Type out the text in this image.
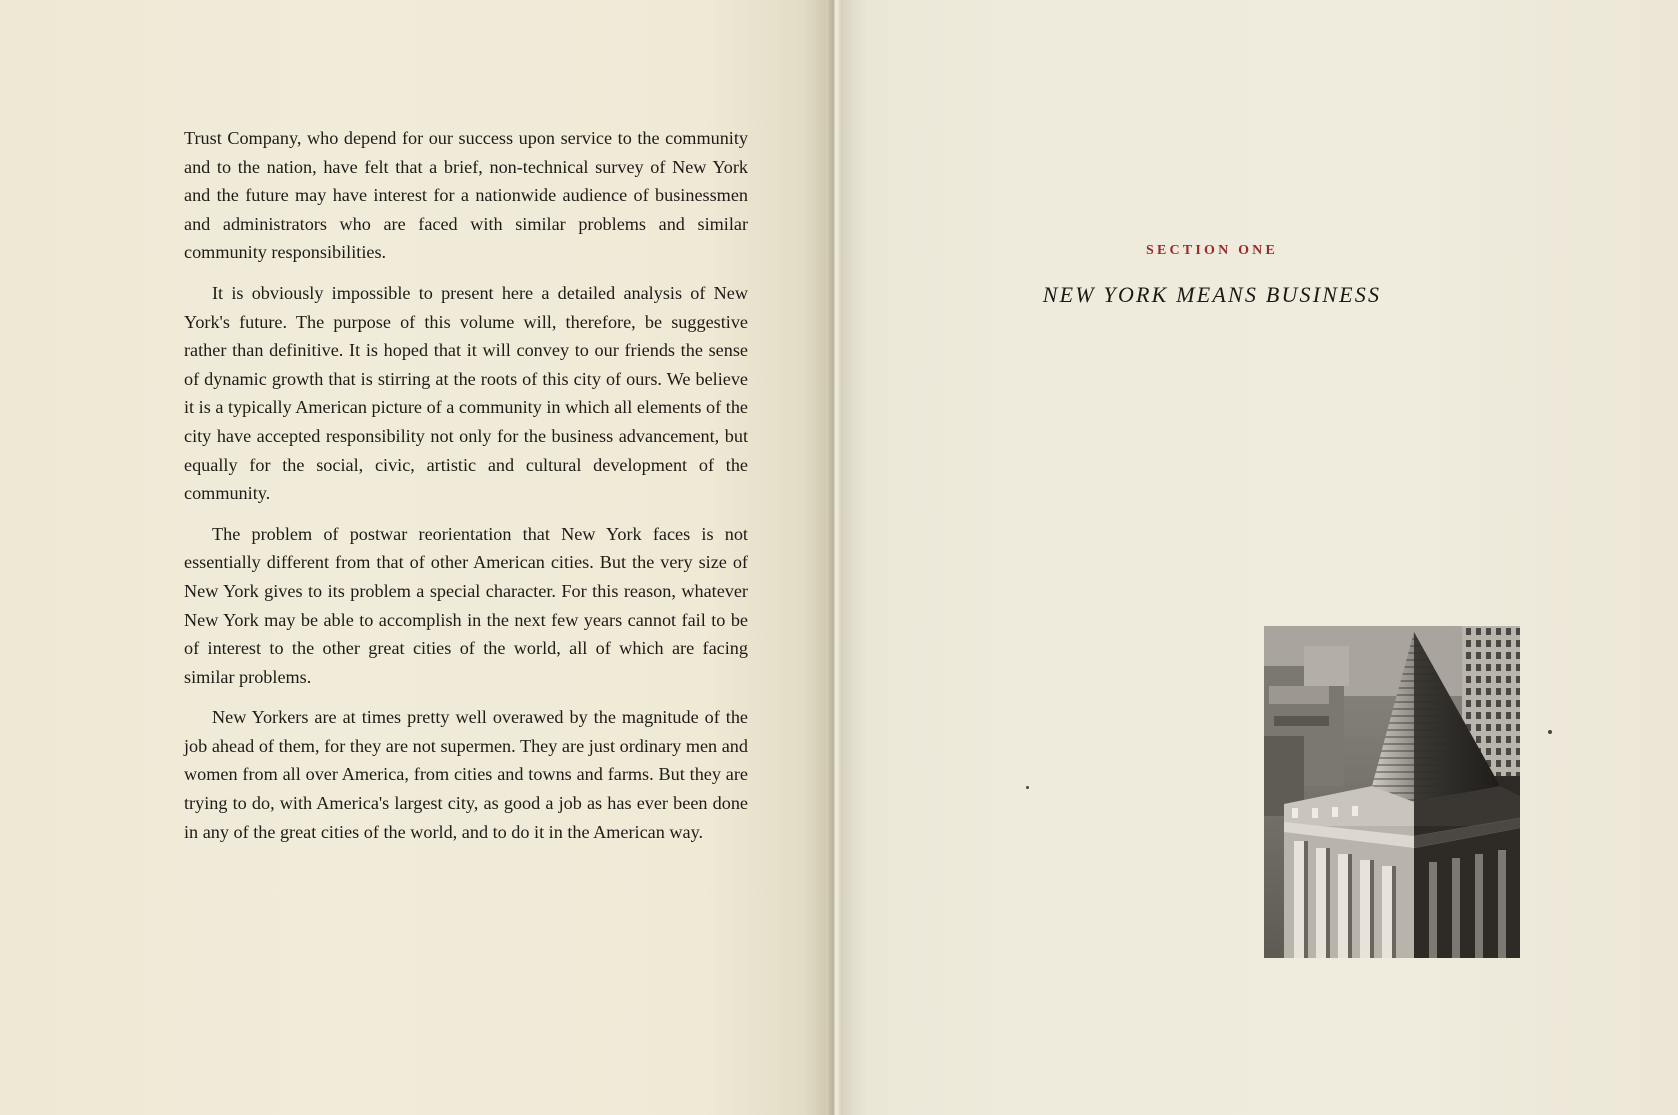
Trust Company, who depend for our success upon service to the community and to the nation, have felt that a brief, non-technical survey of New York and the future may have interest for a nationwide audience of businessmen and administrators who are faced with similar problems and similar community responsibilities.

It is obviously impossible to present here a detailed analysis of New York's future. The purpose of this volume will, therefore, be suggestive rather than definitive. It is hoped that it will convey to our friends the sense of dynamic growth that is stirring at the roots of this city of ours. We believe it is a typically American picture of a community in which all elements of the city have accepted responsibility not only for the business advancement, but equally for the social, civic, artistic and cultural development of the community.

The problem of postwar reorientation that New York faces is not essentially different from that of other American cities. But the very size of New York gives to its problem a special character. For this reason, whatever New York may be able to accomplish in the next few years cannot fail to be of interest to the other great cities of the world, all of which are facing similar problems.

New Yorkers are at times pretty well overawed by the magnitude of the job ahead of them, for they are not supermen. They are just ordinary men and women from all over America, from cities and towns and farms. But they are trying to do, with America's largest city, as good a job as has ever been done in any of the great cities of the world, and to do it in the American way.

SECTION ONE
NEW YORK MEANS BUSINESS
